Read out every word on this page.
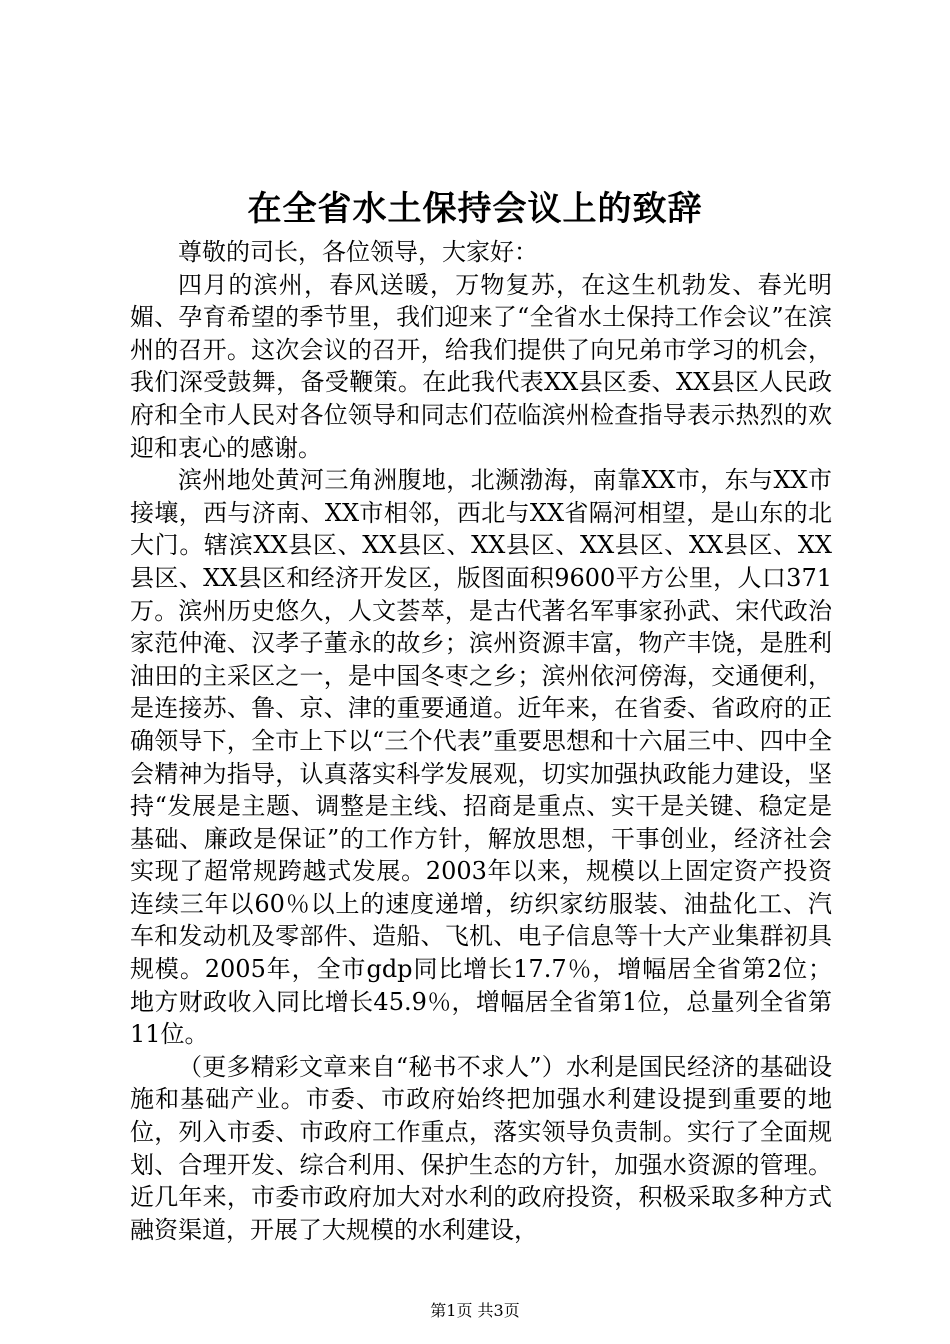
在全省水土保持会议上的致辞

尊敬的司长，各位领导，大家好：

四月的滨州，春风送暖，万物复苏，在这生机勃发、春光明媚、孕育希望的季节里，我们迎来了“全省水土保持工作会议”在滨州的召开。这次会议的召开，给我们提供了向兄弟市学习的机会，我们深受鼓舞，备受鞭策。在此我代表XX县区委、XX县区人民政府和全市人民对各位领导和同志们莅临滨州检查指导表示热烈的欢迎和衷心的感谢。

滨州地处黄河三角洲腹地，北濒渤海，南靠XX市，东与XX市接壤，西与济南、XX市相邻，西北与XX省隔河相望，是山东的北大门。辖滨XX县区、XX县区、XX县区、XX县区、XX县区、XX县区、XX县区和经济开发区，版图面积9600平方公里，人口371万。滨州历史悠久，人文荟萃，是古代著名军事家孙武、宋代政治家范仲淹、汉孝子董永的故乡；滨州资源丰富，物产丰饶，是胜利油田的主采区之一，是中国冬枣之乡；滨州依河傍海，交通便利，是连接苏、鲁、京、津的重要通道。近年来，在省委、省政府的正确领导下，全市上下以“三个代表”重要思想和十六届三中、四中全会精神为指导，认真落实科学发展观，切实加强执政能力建设，坚持“发展是主题、调整是主线、招商是重点、实干是关键、稳定是基础、廉政是保证”的工作方针，解放思想，干事创业，经济社会实现了超常规跨越式发展。2003年以来，规模以上固定资产投资连续三年以60％以上的速度递增，纺织家纺服装、油盐化工、汽车和发动机及零部件、造船、飞机、电子信息等十大产业集群初具规模。2005年，全市gdp同比增长17.7％，增幅居全省第2位；地方财政收入同比增长45.9％，增幅居全省第1位，总量列全省第11位。

（更多精彩文章来自“秘书不求人”）水利是国民经济的基础设施和基础产业。市委、市政府始终把加强水利建设提到重要的地位，列入市委、市政府工作重点，落实领导负责制。实行了全面规划、合理开发、综合利用、保护生态的方针，加强水资源的管理。近几年来，市委市政府加大对水利的政府投资，积极采取多种方式融资渠道，开展了大规模的水利建设，

第1页 共3页
